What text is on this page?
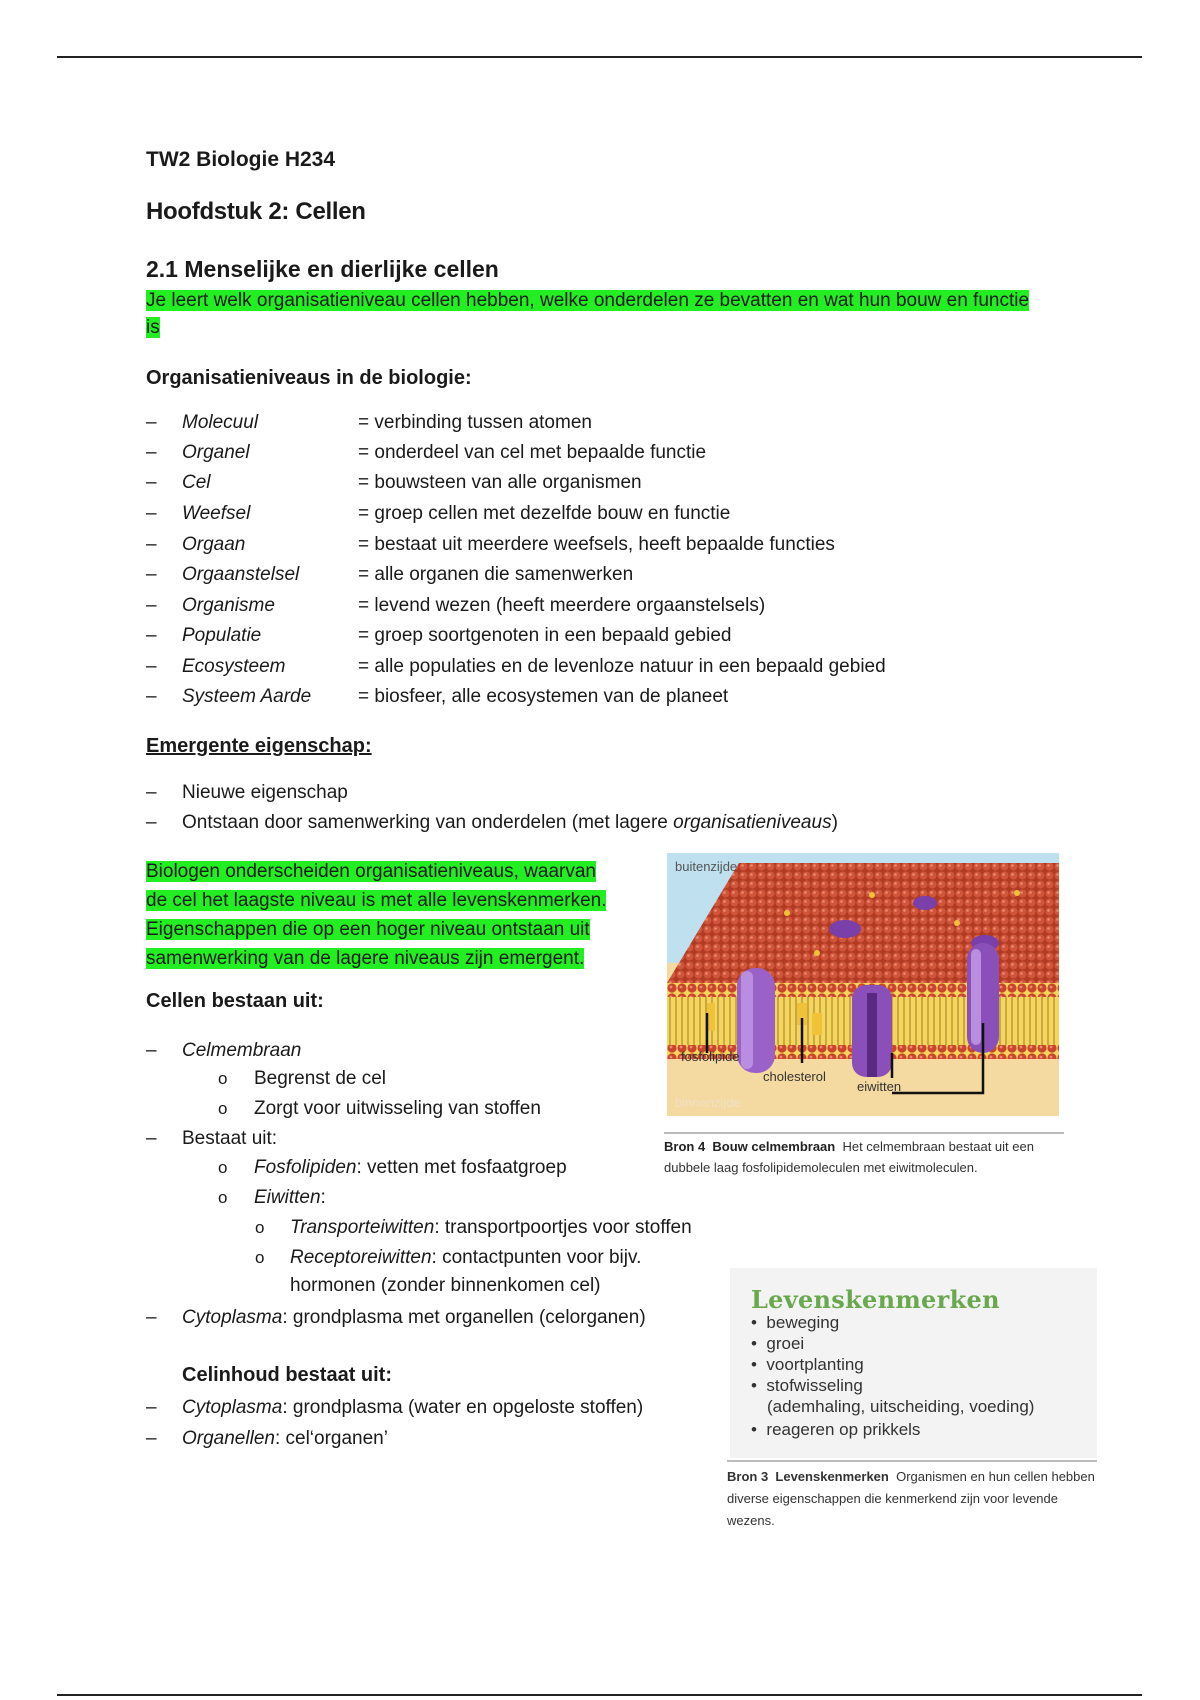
TW2 Biologie H234
Hoofdstuk 2: Cellen
2.1 Menselijke en dierlijke cellen
Je leert welk organisatieniveau cellen hebben, welke onderdelen ze bevatten en wat hun bouw en functie is
Organisatieniveaus in de biologie:
–	Molecuul	= verbinding tussen atomen
–	Organel	= onderdeel van cel met bepaalde functie
–	Cel	= bouwsteen van alle organismen
–	Weefsel	= groep cellen met dezelfde bouw en functie
–	Orgaan	= bestaat uit meerdere weefsels, heeft bepaalde functies
–	Orgaanstelsel	= alle organen die samenwerken
–	Organisme	= levend wezen (heeft meerdere orgaanstelsels)
–	Populatie	= groep soortgenoten in een bepaald gebied
–	Ecosysteem	= alle populaties en de levenloze natuur in een bepaald gebied
–	Systeem Aarde = biosfeer, alle ecosystemen van de planeet
Emergente eigenschap:
–	Nieuwe eigenschap
–	Ontstaan door samenwerking van onderdelen (met lagere organisatieniveaus)
Biologen onderscheiden organisatieniveaus, waarvan
de cel het laagste niveau is met alle levenskenmerken.
Eigenschappen die op een hoger niveau ontstaan uit
samenwerking van de lagere niveaus zijn emergent.
Cellen bestaan uit:
– Celmembraan
o Begrenst de cel
o Zorgt voor uitwisseling van stoffen
– Bestaat uit:
o Fosfolipiden: vetten met fosfaatgroep
o Eiwitten:
o Transporteiwitten: transportpoortjes voor stoffen
o Receptoreiwitten: contactpunten voor bijv.
hormonen (zonder binnenkomen cel)
– Cytoplasma: grondplasma met organellen (celorganen)
Celinhoud bestaat uit:
– Cytoplasma: grondplasma (water en opgeloste stoffen)
– Organellen: cel‘organen’
buitenzijde
fosfolipide
cholesterol
eiwitten
binnenzijde
Bron 4 Bouw celmembraan Het celmembraan bestaat uit een dubbele laag fosfolipidemoleculen met eiwitmoleculen.
Levenskenmerken
•  beweging
•  groei
•  voortplanting
•  stofwisseling
(ademhaling, uitscheiding, voeding)
•  reageren op prikkels
Bron 3 Levenskenmerken Organismen en hun cellen hebben diverse eigenschappen die kenmerkend zijn voor levende wezens.
